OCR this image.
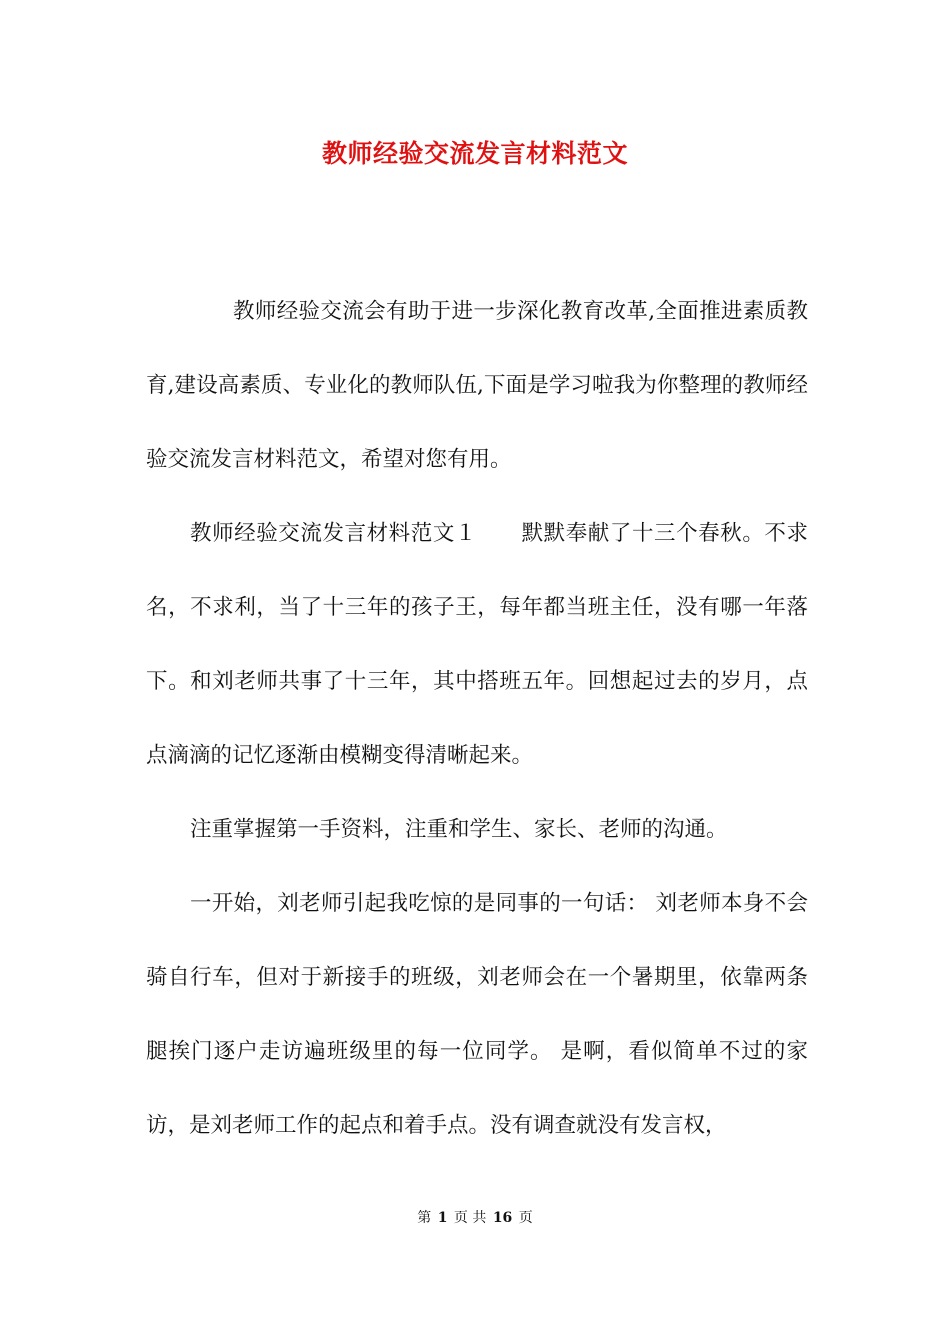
教师经验交流发言材料范文

教师经验交流会有助于进一步深化教育改革,全面推进素质教育,建设高素质、专业化的教师队伍,下面是学习啦我为你整理的教师经验交流发言材料范文，希望对您有用。

教师经验交流发言材料范文１ 默默奉献了十三个春秋。不求名，不求利，当了十三年的孩子王，每年都当班主任，没有哪一年落下。和刘老师共事了十三年，其中搭班五年。回想起过去的岁月，点点滴滴的记忆逐渐由模糊变得清晰起来。

注重掌握第一手资料，注重和学生、家长、老师的沟通。

一开始，刘老师引起我吃惊的是同事的一句话： 刘老师本身不会骑自行车，但对于新接手的班级，刘老师会在一个暑期里，依靠两条腿挨门逐户走访遍班级里的每一位同学。 是啊，看似简单不过的家访，是刘老师工作的起点和着手点。没有调查就没有发言权，

第 1 页 共 16 页
